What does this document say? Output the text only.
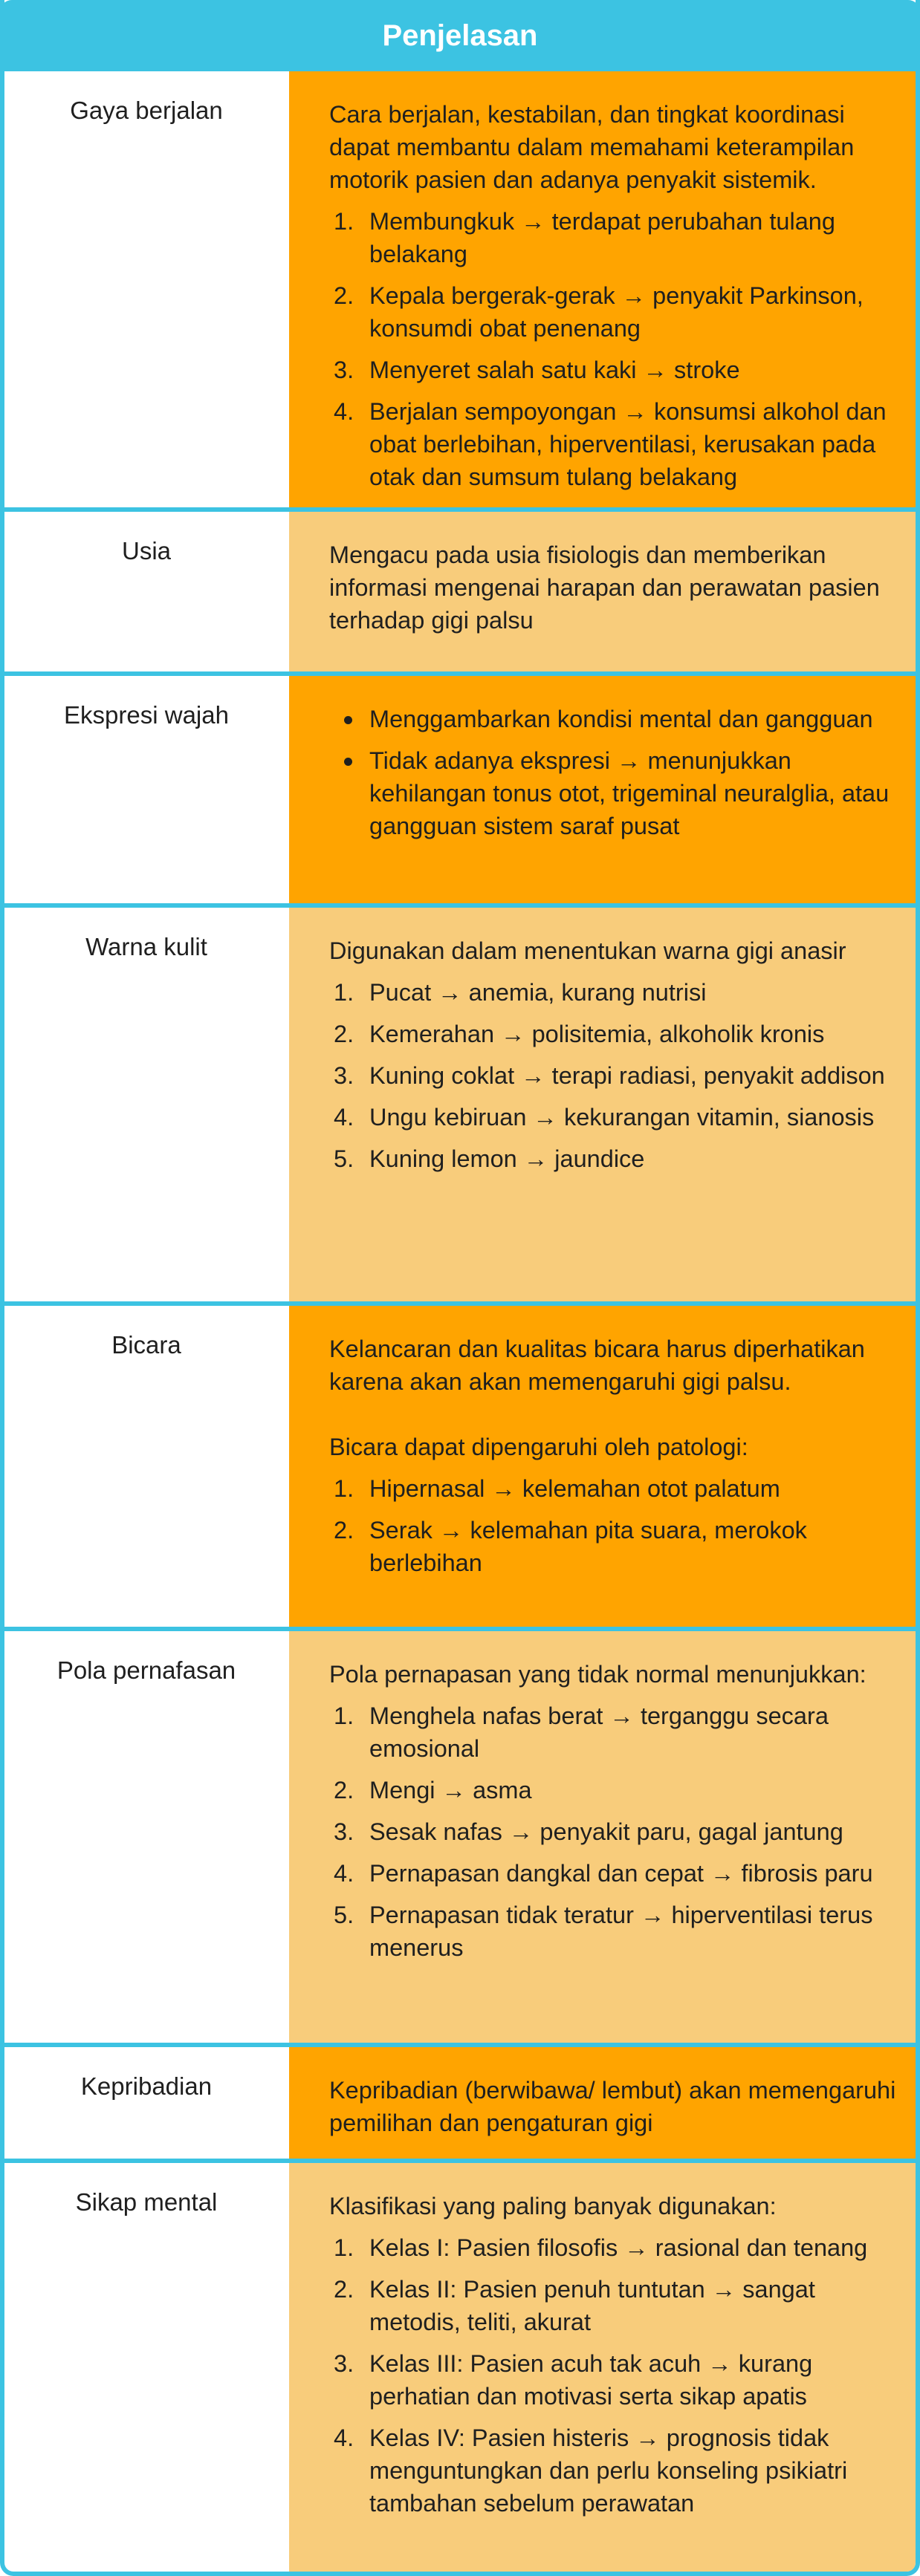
Penjelasan
Gaya berjalan	Cara berjalan, kestabilan, dan tingkat koordinasi dapat membantu dalam memahami keterampilan motorik pasien dan adanya penyakit sistemik.

1. Membungkuk → terdapat perubahan tulang belakang
2. Kepala bergerak-gerak → penyakit Parkinson, konsumdi obat penenang
3. Menyeret salah satu kaki → stroke
4. Berjalan sempoyongan → konsumsi alkohol dan obat berlebihan, hiperventilasi, kerusakan pada otak dan sumsum tulang belakang
Usia	Mengacu pada usia fisiologis dan memberikan informasi mengenai harapan dan perawatan pasien terhadap gigi palsu

Ekspresi wajah	Menggambarkan kondisi mental dan gangguan
Tidak adanya ekspresi → menunjukkan kehilangan tonus otot, trigeminal neuralglia, atau gangguan sistem saraf pusat
Warna kulit	Digunakan dalam menentukan warna gigi anasir

1. Pucat → anemia, kurang nutrisi
2. Kemerahan → polisitemia, alkoholik kronis
3. Kuning coklat → terapi radiasi, penyakit addison
4. Ungu kebiruan → kekurangan vitamin, sianosis
5. Kuning lemon → jaundice
Bicara	Kelancaran dan kualitas bicara harus diperhatikan karena akan akan memengaruhi gigi palsu.

Bicara dapat dipengaruhi oleh patologi:

1. Hipernasal → kelemahan otot palatum
2. Serak → kelemahan pita suara, merokok berlebihan
Pola pernafasan	Pola pernapasan yang tidak normal menunjukkan:

1. Menghela nafas berat → terganggu secara emosional
2. Mengi → asma
3. Sesak nafas → penyakit paru, gagal jantung
4. Pernapasan dangkal dan cepat → fibrosis paru
5. Pernapasan tidak teratur → hiperventilasi terus menerus
Kepribadian	Kepribadian (berwibawa/ lembut) akan memengaruhi pemilihan dan pengaturan gigi

Sikap mental	Klasifikasi yang paling banyak digunakan:

1. Kelas I: Pasien filosofis → rasional dan tenang
2. Kelas II: Pasien penuh tuntutan → sangat metodis, teliti, akurat
3. Kelas III: Pasien acuh tak acuh → kurang perhatian dan motivasi serta sikap apatis
4. Kelas IV: Pasien histeris → prognosis tidak menguntungkan dan perlu konseling psikiatri tambahan sebelum perawatan
